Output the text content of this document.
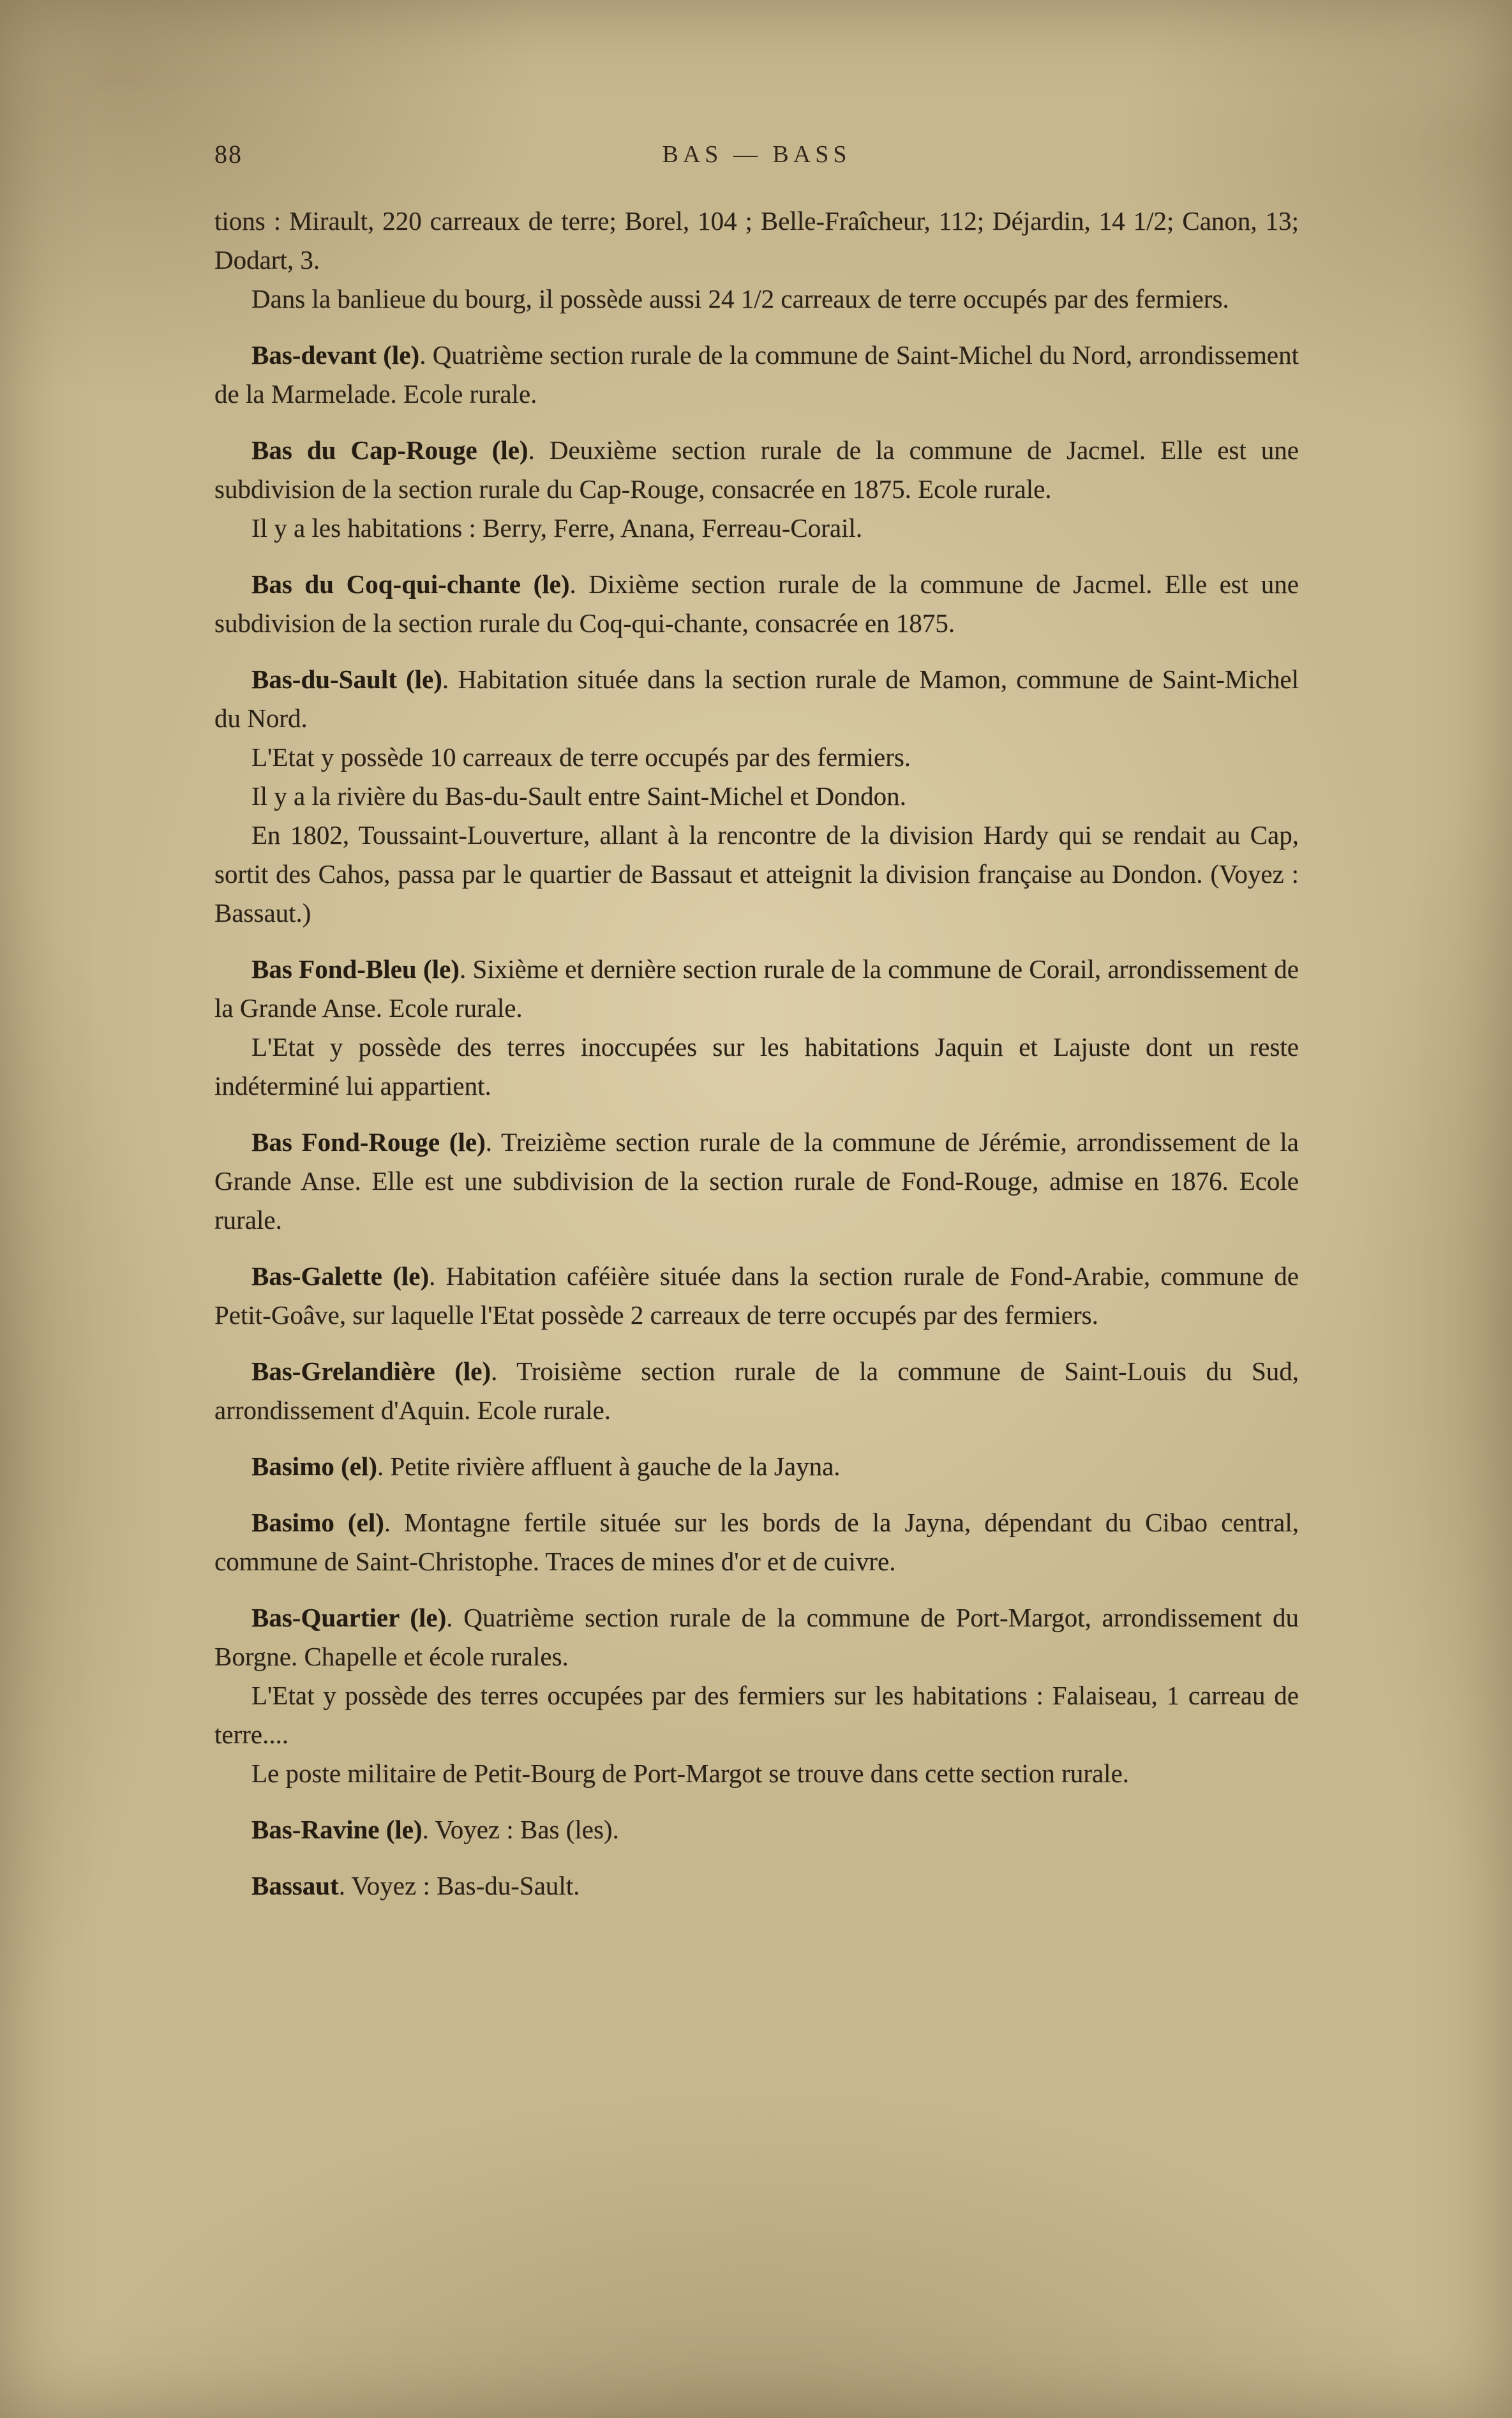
88	BAS — BASS

tions : Mirault, 220 carreaux de terre; Borel, 104 ; Belle-Fraîcheur, 112; Déjardin, 14 1/2; Canon, 13; Dodart, 3.

Dans la banlieue du bourg, il possède aussi 24 1/2 carreaux de terre occupés par des fermiers.

Bas-devant (le). Quatrième section rurale de la commune de Saint-Michel du Nord, arrondissement de la Marmelade. Ecole rurale.

Bas du Cap-Rouge (le). Deuxième section rurale de la commune de Jacmel. Elle est une subdivision de la section rurale du Cap-Rouge, consacrée en 1875. Ecole rurale.

Il y a les habitations : Berry, Ferre, Anana, Ferreau-Corail.

Bas du Coq-qui-chante (le). Dixième section rurale de la commune de Jacmel. Elle est une subdivision de la section rurale du Coq-qui-chante, consacrée en 1875.

Bas-du-Sault (le). Habitation située dans la section rurale de Mamon, commune de Saint-Michel du Nord.

L'Etat y possède 10 carreaux de terre occupés par des fermiers.

Il y a la rivière du Bas-du-Sault entre Saint-Michel et Dondon.

En 1802, Toussaint-Louverture, allant à la rencontre de la division Hardy qui se rendait au Cap, sortit des Cahos, passa par le quartier de Bassaut et atteignit la division française au Dondon. (Voyez : Bassaut.)

Bas Fond-Bleu (le). Sixième et dernière section rurale de la commune de Corail, arrondissement de la Grande Anse. Ecole rurale.

L'Etat y possède des terres inoccupées sur les habitations Jaquin et Lajuste dont un reste indéterminé lui appartient.

Bas Fond-Rouge (le). Treizième section rurale de la commune de Jérémie, arrondissement de la Grande Anse. Elle est une subdivision de la section rurale de Fond-Rouge, admise en 1876. Ecole rurale.

Bas-Galette (le). Habitation caféière située dans la section rurale de Fond-Arabie, commune de Petit-Goâve, sur laquelle l'Etat possède 2 carreaux de terre occupés par des fermiers.

Bas-Grelandière (le). Troisième section rurale de la commune de Saint-Louis du Sud, arrondissement d'Aquin. Ecole rurale.

Basimo (el). Petite rivière affluent à gauche de la Jayna.

Basimo (el). Montagne fertile située sur les bords de la Jayna, dépendant du Cibao central, commune de Saint-Christophe. Traces de mines d'or et de cuivre.

Bas-Quartier (le). Quatrième section rurale de la commune de Port-Margot, arrondissement du Borgne. Chapelle et école rurales.

L'Etat y possède des terres occupées par des fermiers sur les habitations : Falaiseau, 1 carreau de terre....

Le poste militaire de Petit-Bourg de Port-Margot se trouve dans cette section rurale.

Bas-Ravine (le). Voyez : Bas (les).

Bassaut. Voyez : Bas-du-Sault.
